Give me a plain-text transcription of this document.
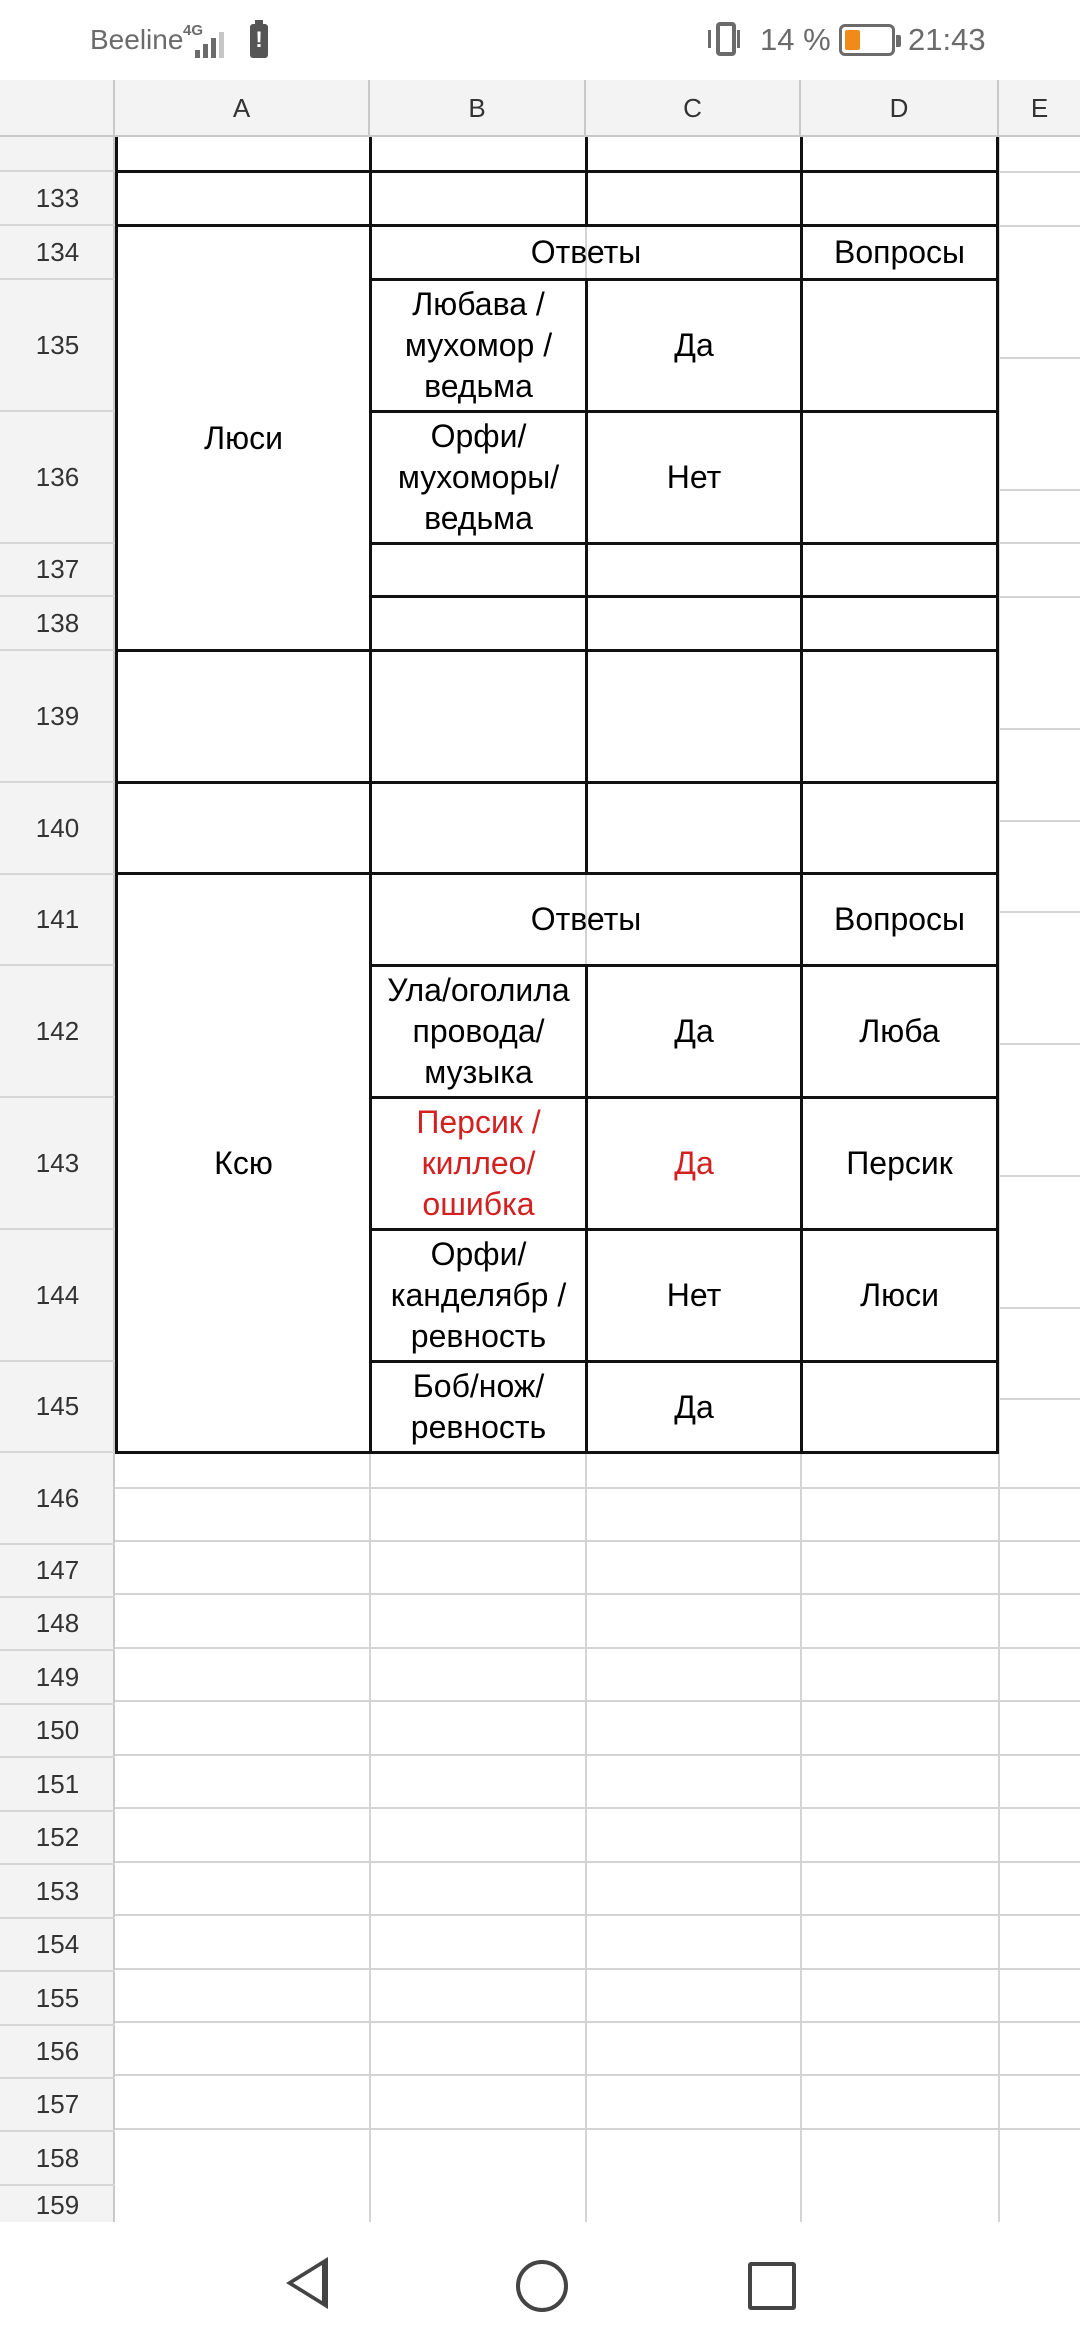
Beeline 4G
!	14 % 21:43
A	B	C	D	E
133
134
135
136
137
138
139
140
141
142
143
144
145
146
147
148
149
150
151
152
153
154
155
156
157
158
159
Люси
Ответы	Вопросы
Любава / мухомор / ведьма
Да
Орфи/ мухоморы/ ведьма
Нет
Ксю
Ответы	Вопросы
Ула/оголила провода/ музыка
Да	Люба
Персик / киллео/ ошибка
Да	Персик
Орфи/ канделябр / ревность
Нет	Люси
Боб/нож/ ревность
Да
